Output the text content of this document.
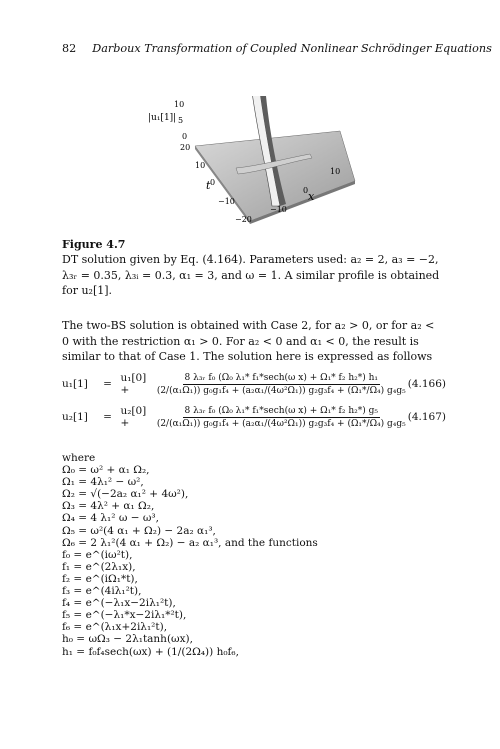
82 Darboux Transformation of Coupled Nonlinear Schrödinger Equations
10
5
0
|u₁[1]|
20
10
0
−10
−20
t
10
0
−10
x
Figure 4.7
DT solution given by Eq. (4.164). Parameters used: a₂ = 2, a₃ = −2, λ₃ᵣ = 0.35, λ₃ᵢ = 0.3, α₁ = 3, and ω = 1. A similar profile is obtained for u₂[1].
The two-BS solution is obtained with Case 2, for a₂ > 0, or for a₂ < 0 with the restriction α₁ > 0. For a₂ < 0 and α₁ < 0, the result is similar to that of Case 1. The solution here is expressed as follows
u₁[1]	= u₁[0] +	$\frac{\text{8 λ₃ᵣ f₀ (Ω₀ λ₁* f₁*sech(ω x) + Ω₁* f₂ h₂*) h₁}}{\text{(2/(α₁Ω₁)) g₀g₁f₄ + (a₂α₁/(4ω²Ω₁)) g₂g₃f₄ + (Ω₁*/Ω₄) g₄g₅}} (4.166)$
u₂[1]	= u₂[0] +	$\frac{\text{8 λ₃ᵣ f₀ (Ω₀ λ₁* f₁*sech(ω x) + Ω₁* f₂ h₂*) g₅}}{\text{(2/(α₁Ω₁)) g₀g₁f₄ + (a₂α₁/(4ω²Ω₁)) g₂g₃f₄ + (Ω₁*/Ω₄) g₄g₅}} (4.167)$
where
Ω₀ = ω² + α₁ Ω₂,
Ω₁ = 4λ₁² − ω²,
Ω₂ = √(−2a₂ α₁² + 4ω²),
Ω₃ = 4λ² + α₁ Ω₂,
Ω₄ = 4 λ₁² ω − ω³,
Ω₅ = ω²(4 α₁ + Ω₂) − 2a₂ α₁³,
Ω₆ = 2 λ₁²(4 α₁ + Ω₂) − a₂ α₁³, and the functions
f₀ = e^(iω²t),
f₁ = e^(2λ₁x),
f₂ = e^(iΩ₁*t),
f₃ = e^(4iλ₁²t),
f₄ = e^(−λ₁x−2iλ₁²t),
f₅ = e^(−λ₁*x−2iλ₁*²t),
f₆ = e^(λ₁x+2iλ₁²t),
h₀ = ωΩ₃ − 2λ₁tanh(ωx),
h₁ = f₀f₄sech(ωx) + (1/(2Ω₄)) h₀f₆,
